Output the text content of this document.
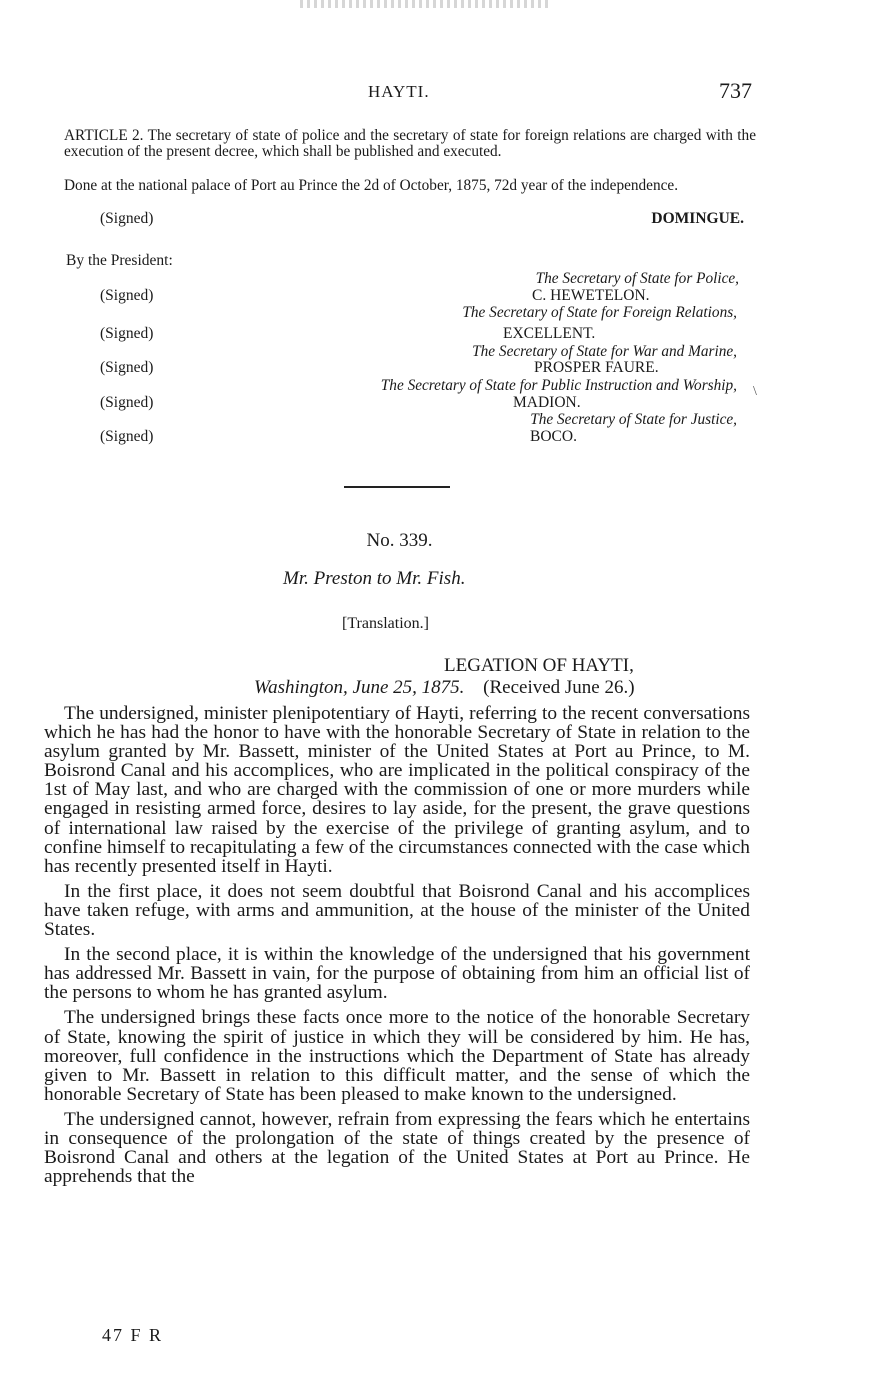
HAYTI.	737
ARTICLE 2. The secretary of state of police and the secretary of state for foreign relations are charged with the execution of the present decree, which shall be published and executed.
Done at the national palace of Port au Prince the 2d of October, 1875, 72d year of the independence.
(Signed)	DOMINGUE.
By the President:
The Secretary of State for Police,
(Signed)	C. HEWETELON.
The Secretary of State for Foreign Relations,
(Signed)	EXCELLENT.
The Secretary of State for War and Marine,
(Signed)	PROSPER FAURE.
The Secretary of State for Public Instruction and Worship,
(Signed)	MADION.
The Secretary of State for Justice,
(Signed)	BOCO.
\
No. 339.
Mr. Preston to Mr. Fish.
[Translation.]
LEGATION OF HAYTI,
Washington, June 25, 1875. (Received June 26.)

The undersigned, minister plenipotentiary of Hayti, referring to the recent conversations which he has had the honor to have with the honorable Secretary of State in relation to the asylum granted by Mr. Bassett, minister of the United States at Port au Prince, to M. Boisrond Canal and his accomplices, who are implicated in the political conspiracy of the 1st of May last, and who are charged with the commission of one or more murders while engaged in resisting armed force, desires to lay aside, for the present, the grave questions of international law raised by the exercise of the privilege of granting asylum, and to confine himself to recapitulating a few of the circumstances connected with the case which has recently presented itself in Hayti.

In the first place, it does not seem doubtful that Boisrond Canal and his accomplices have taken refuge, with arms and ammunition, at the house of the minister of the United States.

In the second place, it is within the knowledge of the undersigned that his government has addressed Mr. Bassett in vain, for the purpose of obtaining from him an official list of the persons to whom he has granted asylum.

The undersigned brings these facts once more to the notice of the honorable Secretary of State, knowing the spirit of justice in which they will be considered by him. He has, moreover, full confidence in the instructions which the Department of State has already given to Mr. Bassett in relation to this difficult matter, and the sense of which the honorable Secretary of State has been pleased to make known to the undersigned.

The undersigned cannot, however, refrain from expressing the fears which he entertains in consequence of the prolongation of the state of things created by the presence of Boisrond Canal and others at the legation of the United States at Port au Prince. He apprehends that the

47 F R
